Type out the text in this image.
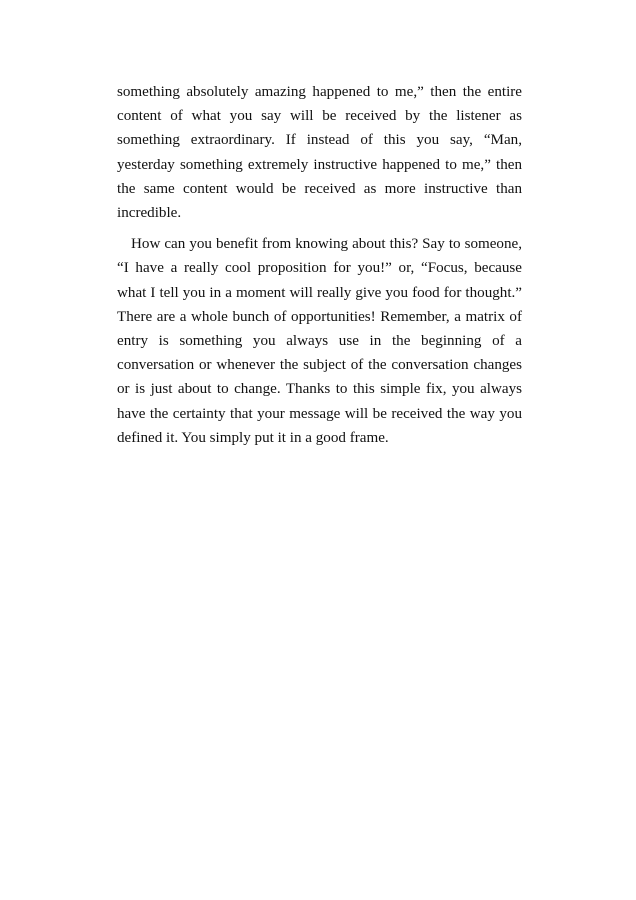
something absolutely amazing happened to me,” then the entire content of what you say will be received by the listener as something extraordinary. If instead of this you say, “Man, yesterday something extremely instructive happened to me,” then the same content would be received as more instructive than incredible.

How can you benefit from knowing about this? Say to someone, “I have a really cool proposition for you!” or, “Focus, because what I tell you in a moment will really give you food for thought.” There are a whole bunch of opportunities! Remember, a matrix of entry is something you always use in the beginning of a conversation or whenever the subject of the conversation changes or is just about to change. Thanks to this simple fix, you always have the certainty that your message will be received the way you defined it. You simply put it in a good frame.
